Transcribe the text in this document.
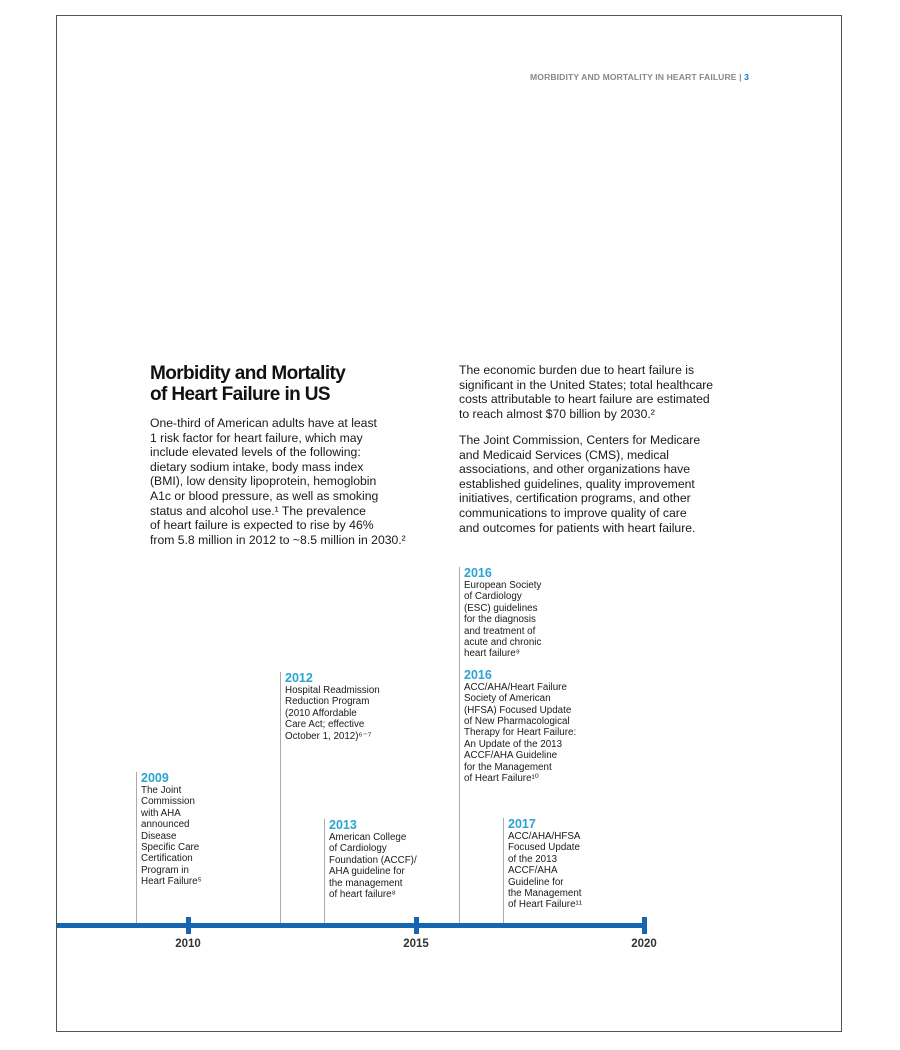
MORBIDITY AND MORTALITY IN HEART FAILURE | 3
Morbidity and Mortality
of Heart Failure in US
One-third of American adults have at least
1 risk factor for heart failure, which may
include elevated levels of the following:
dietary sodium intake, body mass index
(BMI), low density lipoprotein, hemoglobin
A1c or blood pressure, as well as smoking
status and alcohol use.¹ The prevalence
of heart failure is expected to rise by 46%
from 5.8 million in 2012 to ~8.5 million in 2030.²
The economic burden due to heart failure is
significant in the United States; total healthcare
costs attributable to heart failure are estimated
to reach almost $70 billion by 2030.²
The Joint Commission, Centers for Medicare
and Medicaid Services (CMS), medical
associations, and other organizations have
established guidelines, quality improvement
initiatives, certification programs, and other
communications to improve quality of care
and outcomes for patients with heart failure.
2009
The Joint
Commission
with AHA
announced
Disease
Specific Care
Certification
Program in
Heart Failure⁵
2012
Hospital Readmission
Reduction Program
(2010 Affordable
Care Act; effective
October 1, 2012)⁶⁻⁷
2013
American College
of Cardiology
Foundation (ACCF)/
AHA guideline for
the management
of heart failure⁸
2016
European Society
of Cardiology
(ESC) guidelines
for the diagnosis
and treatment of
acute and chronic
heart failure⁹
2016
ACC/AHA/Heart Failure
Society of American
(HFSA) Focused Update
of New Pharmacological
Therapy for Heart Failure:
An Update of the 2013
ACCF/AHA Guideline
for the Management
of Heart Failure¹⁰
2017
ACC/AHA/HFSA
Focused Update
of the 2013
ACCF/AHA
Guideline for
the Management
of Heart Failure¹¹
2010	2015	2020
